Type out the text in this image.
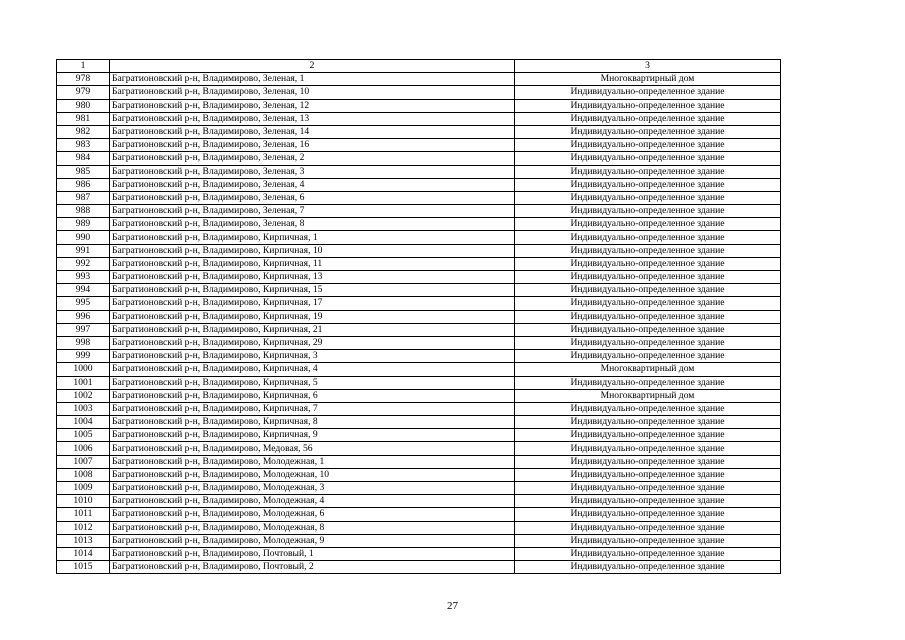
1	2	3
978	Багратионовский р-н, Владимирово, Зеленая, 1	Многоквартирный дом
979	Багратионовский р-н, Владимирово, Зеленая, 10	Индивидуально-определенное здание
980	Багратионовский р-н, Владимирово, Зеленая, 12	Индивидуально-определенное здание
981	Багратионовский р-н, Владимирово, Зеленая, 13	Индивидуально-определенное здание
982	Багратионовский р-н, Владимирово, Зеленая, 14	Индивидуально-определенное здание
983	Багратионовский р-н, Владимирово, Зеленая, 16	Индивидуально-определенное здание
984	Багратионовский р-н, Владимирово, Зеленая, 2	Индивидуально-определенное здание
985	Багратионовский р-н, Владимирово, Зеленая, 3	Индивидуально-определенное здание
986	Багратионовский р-н, Владимирово, Зеленая, 4	Индивидуально-определенное здание
987	Багратионовский р-н, Владимирово, Зеленая, 6	Индивидуально-определенное здание
988	Багратионовский р-н, Владимирово, Зеленая, 7	Индивидуально-определенное здание
989	Багратионовский р-н, Владимирово, Зеленая, 8	Индивидуально-определенное здание
990	Багратионовский р-н, Владимирово, Кирпичная, 1	Индивидуально-определенное здание
991	Багратионовский р-н, Владимирово, Кирпичная, 10	Индивидуально-определенное здание
992	Багратионовский р-н, Владимирово, Кирпичная, 11	Индивидуально-определенное здание
993	Багратионовский р-н, Владимирово, Кирпичная, 13	Индивидуально-определенное здание
994	Багратионовский р-н, Владимирово, Кирпичная, 15	Индивидуально-определенное здание
995	Багратионовский р-н, Владимирово, Кирпичная, 17	Индивидуально-определенное здание
996	Багратионовский р-н, Владимирово, Кирпичная, 19	Индивидуально-определенное здание
997	Багратионовский р-н, Владимирово, Кирпичная, 21	Индивидуально-определенное здание
998	Багратионовский р-н, Владимирово, Кирпичная, 29	Индивидуально-определенное здание
999	Багратионовский р-н, Владимирово, Кирпичная, 3	Индивидуально-определенное здание
1000	Багратионовский р-н, Владимирово, Кирпичная, 4	Многоквартирный дом
1001	Багратионовский р-н, Владимирово, Кирпичная, 5	Индивидуально-определенное здание
1002	Багратионовский р-н, Владимирово, Кирпичная, 6	Многоквартирный дом
1003	Багратионовский р-н, Владимирово, Кирпичная, 7	Индивидуально-определенное здание
1004	Багратионовский р-н, Владимирово, Кирпичная, 8	Индивидуально-определенное здание
1005	Багратионовский р-н, Владимирово, Кирпичная, 9	Индивидуально-определенное здание
1006	Багратионовский р-н, Владимирово, Медовая, 56	Индивидуально-определенное здание
1007	Багратионовский р-н, Владимирово, Молодежная, 1	Индивидуально-определенное здание
1008	Багратионовский р-н, Владимирово, Молодежная, 10	Индивидуально-определенное здание
1009	Багратионовский р-н, Владимирово, Молодежная, 3	Индивидуально-определенное здание
1010	Багратионовский р-н, Владимирово, Молодежная, 4	Индивидуально-определенное здание
1011	Багратионовский р-н, Владимирово, Молодежная, 6	Индивидуально-определенное здание
1012	Багратионовский р-н, Владимирово, Молодежная, 8	Индивидуально-определенное здание
1013	Багратионовский р-н, Владимирово, Молодежная, 9	Индивидуально-определенное здание
1014	Багратионовский р-н, Владимирово, Почтовый, 1	Индивидуально-определенное здание
1015	Багратионовский р-н, Владимирово, Почтовый, 2	Индивидуально-определенное здание
27
